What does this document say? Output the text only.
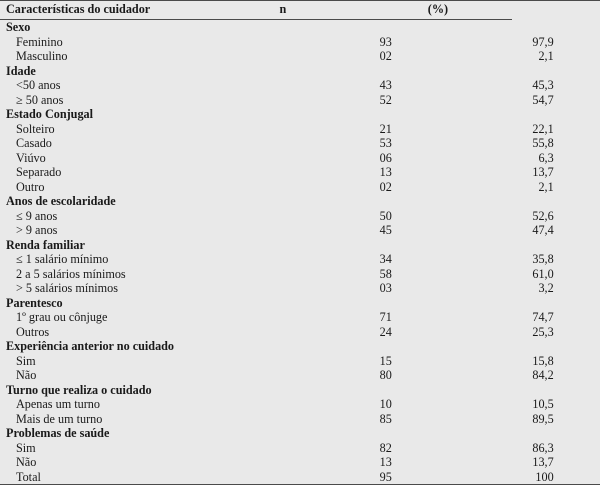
Características do cuidador	n	(%)		
Sexo				
Feminino	93		97,9	
Masculino	02		2,1	
Idade				
<50 anos	43		45,3	
≥ 50 anos	52		54,7	
Estado Conjugal				
Solteiro	21		22,1	
Casado	53		55,8	
Viúvo	06		6,3	
Separado	13		13,7	
Outro	02		2,1	
Anos de escolaridade				
≤ 9 anos	50		52,6	
> 9 anos	45		47,4	
Renda familiar				
≤ 1 salário mínimo	34		35,8	
2 a 5 salários mínimos	58		61,0	
> 5 salários mínimos	03		3,2	
Parentesco				
1º grau ou cônjuge	71		74,7	
Outros	24		25,3	
Experiência anterior no cuidado				
Sim	15		15,8	
Não	80		84,2	
Turno que realiza o cuidado				
Apenas um turno	10		10,5	
Mais de um turno	85		89,5	
Problemas de saúde				
Sim	82		86,3	
Não	13		13,7	
Total	95		100	
